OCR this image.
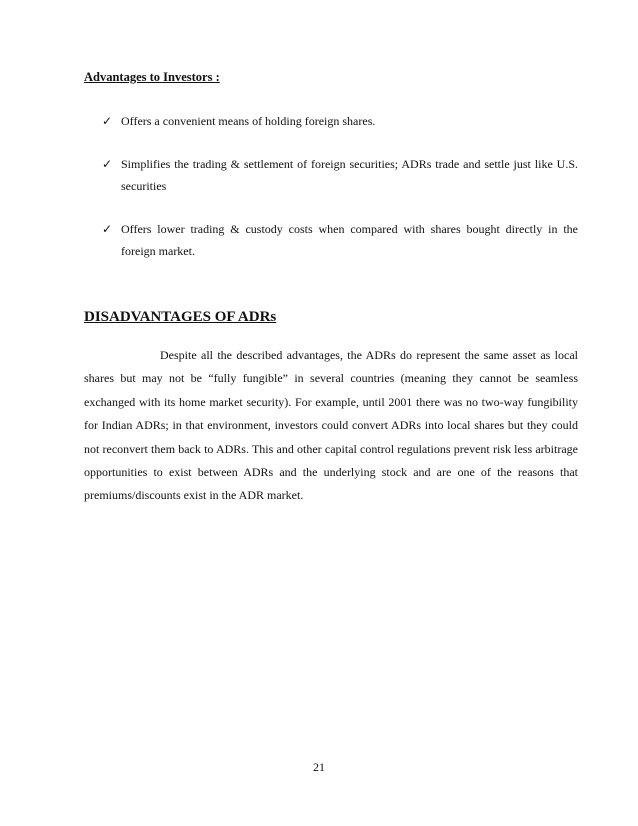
Advantages to Investors :
✓ Offers a convenient means of holding foreign shares.
✓ Simplifies the trading & settlement of foreign securities; ADRs trade and settle just like U.S. securities
✓ Offers lower trading & custody costs when compared with shares bought directly in the foreign market.
DISADVANTAGES OF ADRs

Despite all the described advantages, the ADRs do represent the same asset as local shares but may not be “fully fungible” in several countries (meaning they cannot be seamless exchanged with its home market security). For example, until 2001 there was no two-way fungibility for Indian ADRs; in that environment, investors could convert ADRs into local shares but they could not reconvert them back to ADRs. This and other capital control regulations prevent risk less arbitrage opportunities to exist between ADRs and the underlying stock and are one of the reasons that premiums/discounts exist in the ADR market.

21
